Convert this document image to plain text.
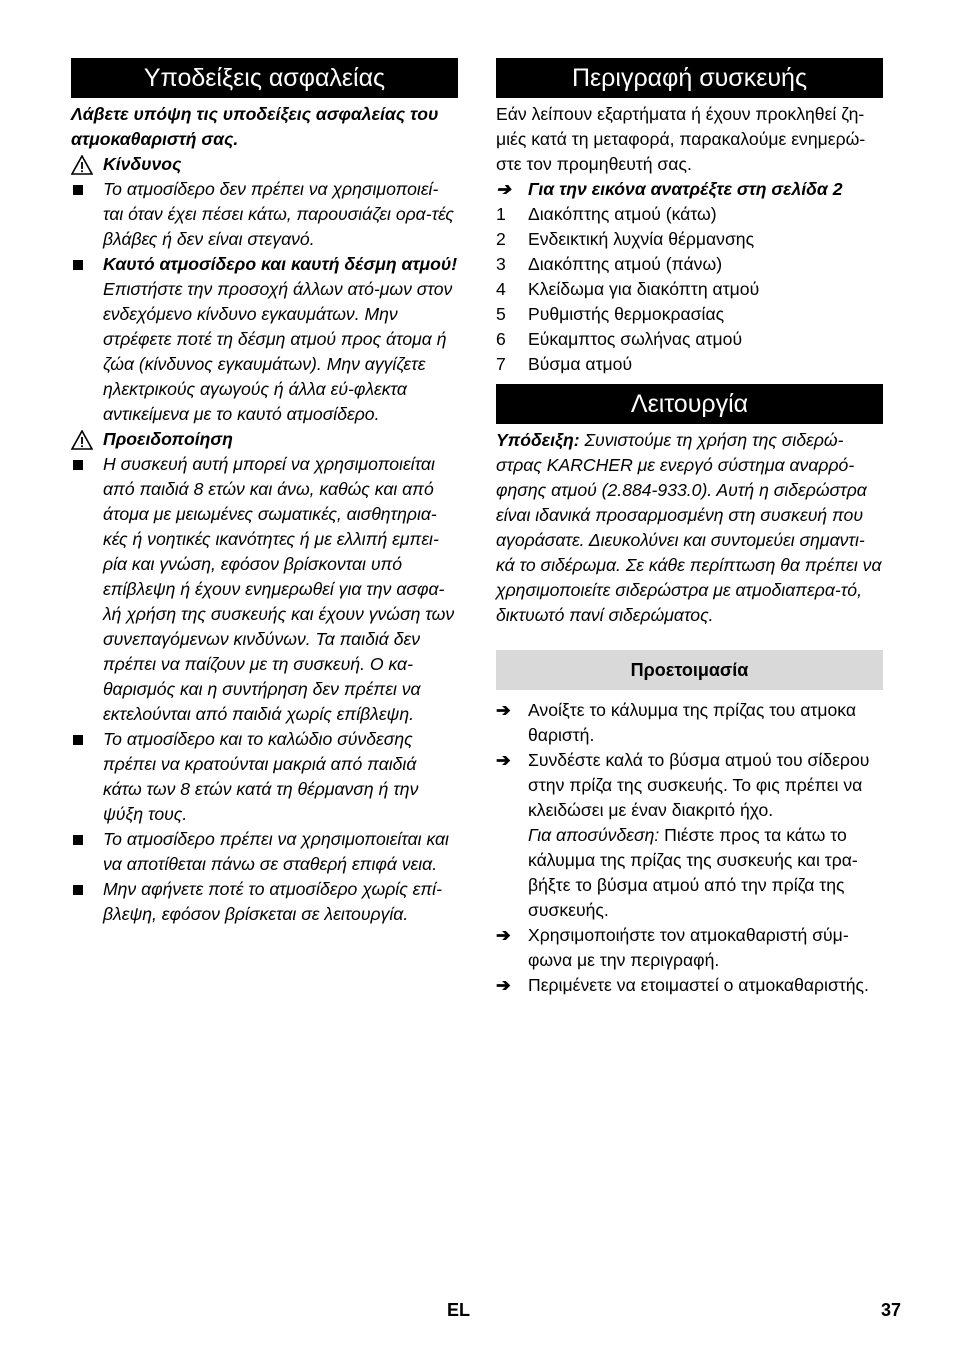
Υποδείξεις ασφαλείας
Λάβετε υπόψη τις υποδείξεις ασφαλείας του ατμοκαθαριστή σας.
Κίνδυνος
Το ατμοσίδερο δεν πρέπει να χρησιμοποιεί-ται όταν έχει πέσει κάτω, παρουσιάζει ορα-τές βλάβες ή δεν είναι στεγανό.
Καυτό ατμοσίδερο και καυτή δέσμη ατμού! Επιστήστε την προσοχή άλλων ατό-μων στον ενδεχόμενο κίνδυνο εγκαυμάτων. Μην στρέφετε ποτέ τη δέσμη ατμού προς άτομα ή ζώα (κίνδυνος εγκαυμάτων). Μην αγγίζετε ηλεκτρικούς αγωγούς ή άλλα εύ-φλεκτα αντικείμενα με το καυτό ατμοσίδερο.
Προειδοποίηση
Η συσκευή αυτή μπορεί να χρησιμοποιείται από παιδιά 8 ετών και άνω, καθώς και από άτομα με μειωμένες σωματικές, αισθητηρια-κές ή νοητικές ικανότητες ή με ελλιπή εμπει-ρία και γνώση, εφόσον βρίσκονται υπό επίβλεψη ή έχουν ενημερωθεί για την ασφα-λή χρήση της συσκευής και έχουν γνώση των συνεπαγόμενων κινδύνων. Τα παιδιά δεν πρέπει να παίζουν με τη συσκευή. Ο κα-θαρισμός και η συντήρηση δεν πρέπει να εκτελούνται από παιδιά χωρίς επίβλεψη.
Το ατμοσίδερο και το καλώδιο σύνδεσης πρέπει να κρατούνται μακριά από παιδιά κάτω των 8 ετών κατά τη θέρμανση ή την ψύξη τους.
Το ατμοσίδερο πρέπει να χρησιμοποιείται και να αποτίθεται πάνω σε σταθερή επιφά νεια.
Μην αφήνετε ποτέ το ατμοσίδερο χωρίς επί-βλεψη, εφόσον βρίσκεται σε λειτουργία.
Περιγραφή συσκευής
Εάν λείπουν εξαρτήματα ή έχουν προκληθεί ζη-μιές κατά τη μεταφορά, παρακαλούμε ενημερώ-στε τον προμηθευτή σας.
➔ Για την εικόνα ανατρέξτε στη σελίδα 2
1 Διακόπτης ατμού (κάτω)
2 Ενδεικτική λυχνία θέρμανσης
3 Διακόπτης ατμού (πάνω)
4 Κλείδωμα για διακόπτη ατμού
5 Ρυθμιστής θερμοκρασίας
6 Εύκαμπτος σωλήνας ατμού
7 Βύσμα ατμού
Λειτουργία
Υπόδειξη: Συνιστούμε τη χρήση της σιδερώ-στρας KARCHER με ενεργό σύστημα αναρρό-φησης ατμού (2.884-933.0). Αυτή η σιδερώστρα είναι ιδανικά προσαρμοσμένη στη συσκευή που αγοράσατε. Διευκολύνει και συντομεύει σημαντι-κά το σιδέρωμα. Σε κάθε περίπτωση θα πρέπει να χρησιμοποιείτε σιδερώστρα με ατμοδιαπερα-τό, δικτυωτό πανί σιδερώματος.
Προετοιμασία
➔ Ανοίξτε το κάλυμμα της πρίζας του ατμοκα θαριστή.
➔ Συνδέστε καλά το βύσμα ατμού του σίδερου στην πρίζα της συσκευής. Το φις πρέπει να κλειδώσει με έναν διακριτό ήχο.
Για αποσύνδεση: Πιέστε προς τα κάτω το κάλυμμα της πρίζας της συσκευής και τρα-βήξτε το βύσμα ατμού από την πρίζα της συσκευής.
➔ Χρησιμοποιήστε τον ατμοκαθαριστή σύμ-φωνα με την περιγραφή.
➔ Περιμένετε να ετοιμαστεί ο ατμοκαθαριστής.
EL	37
